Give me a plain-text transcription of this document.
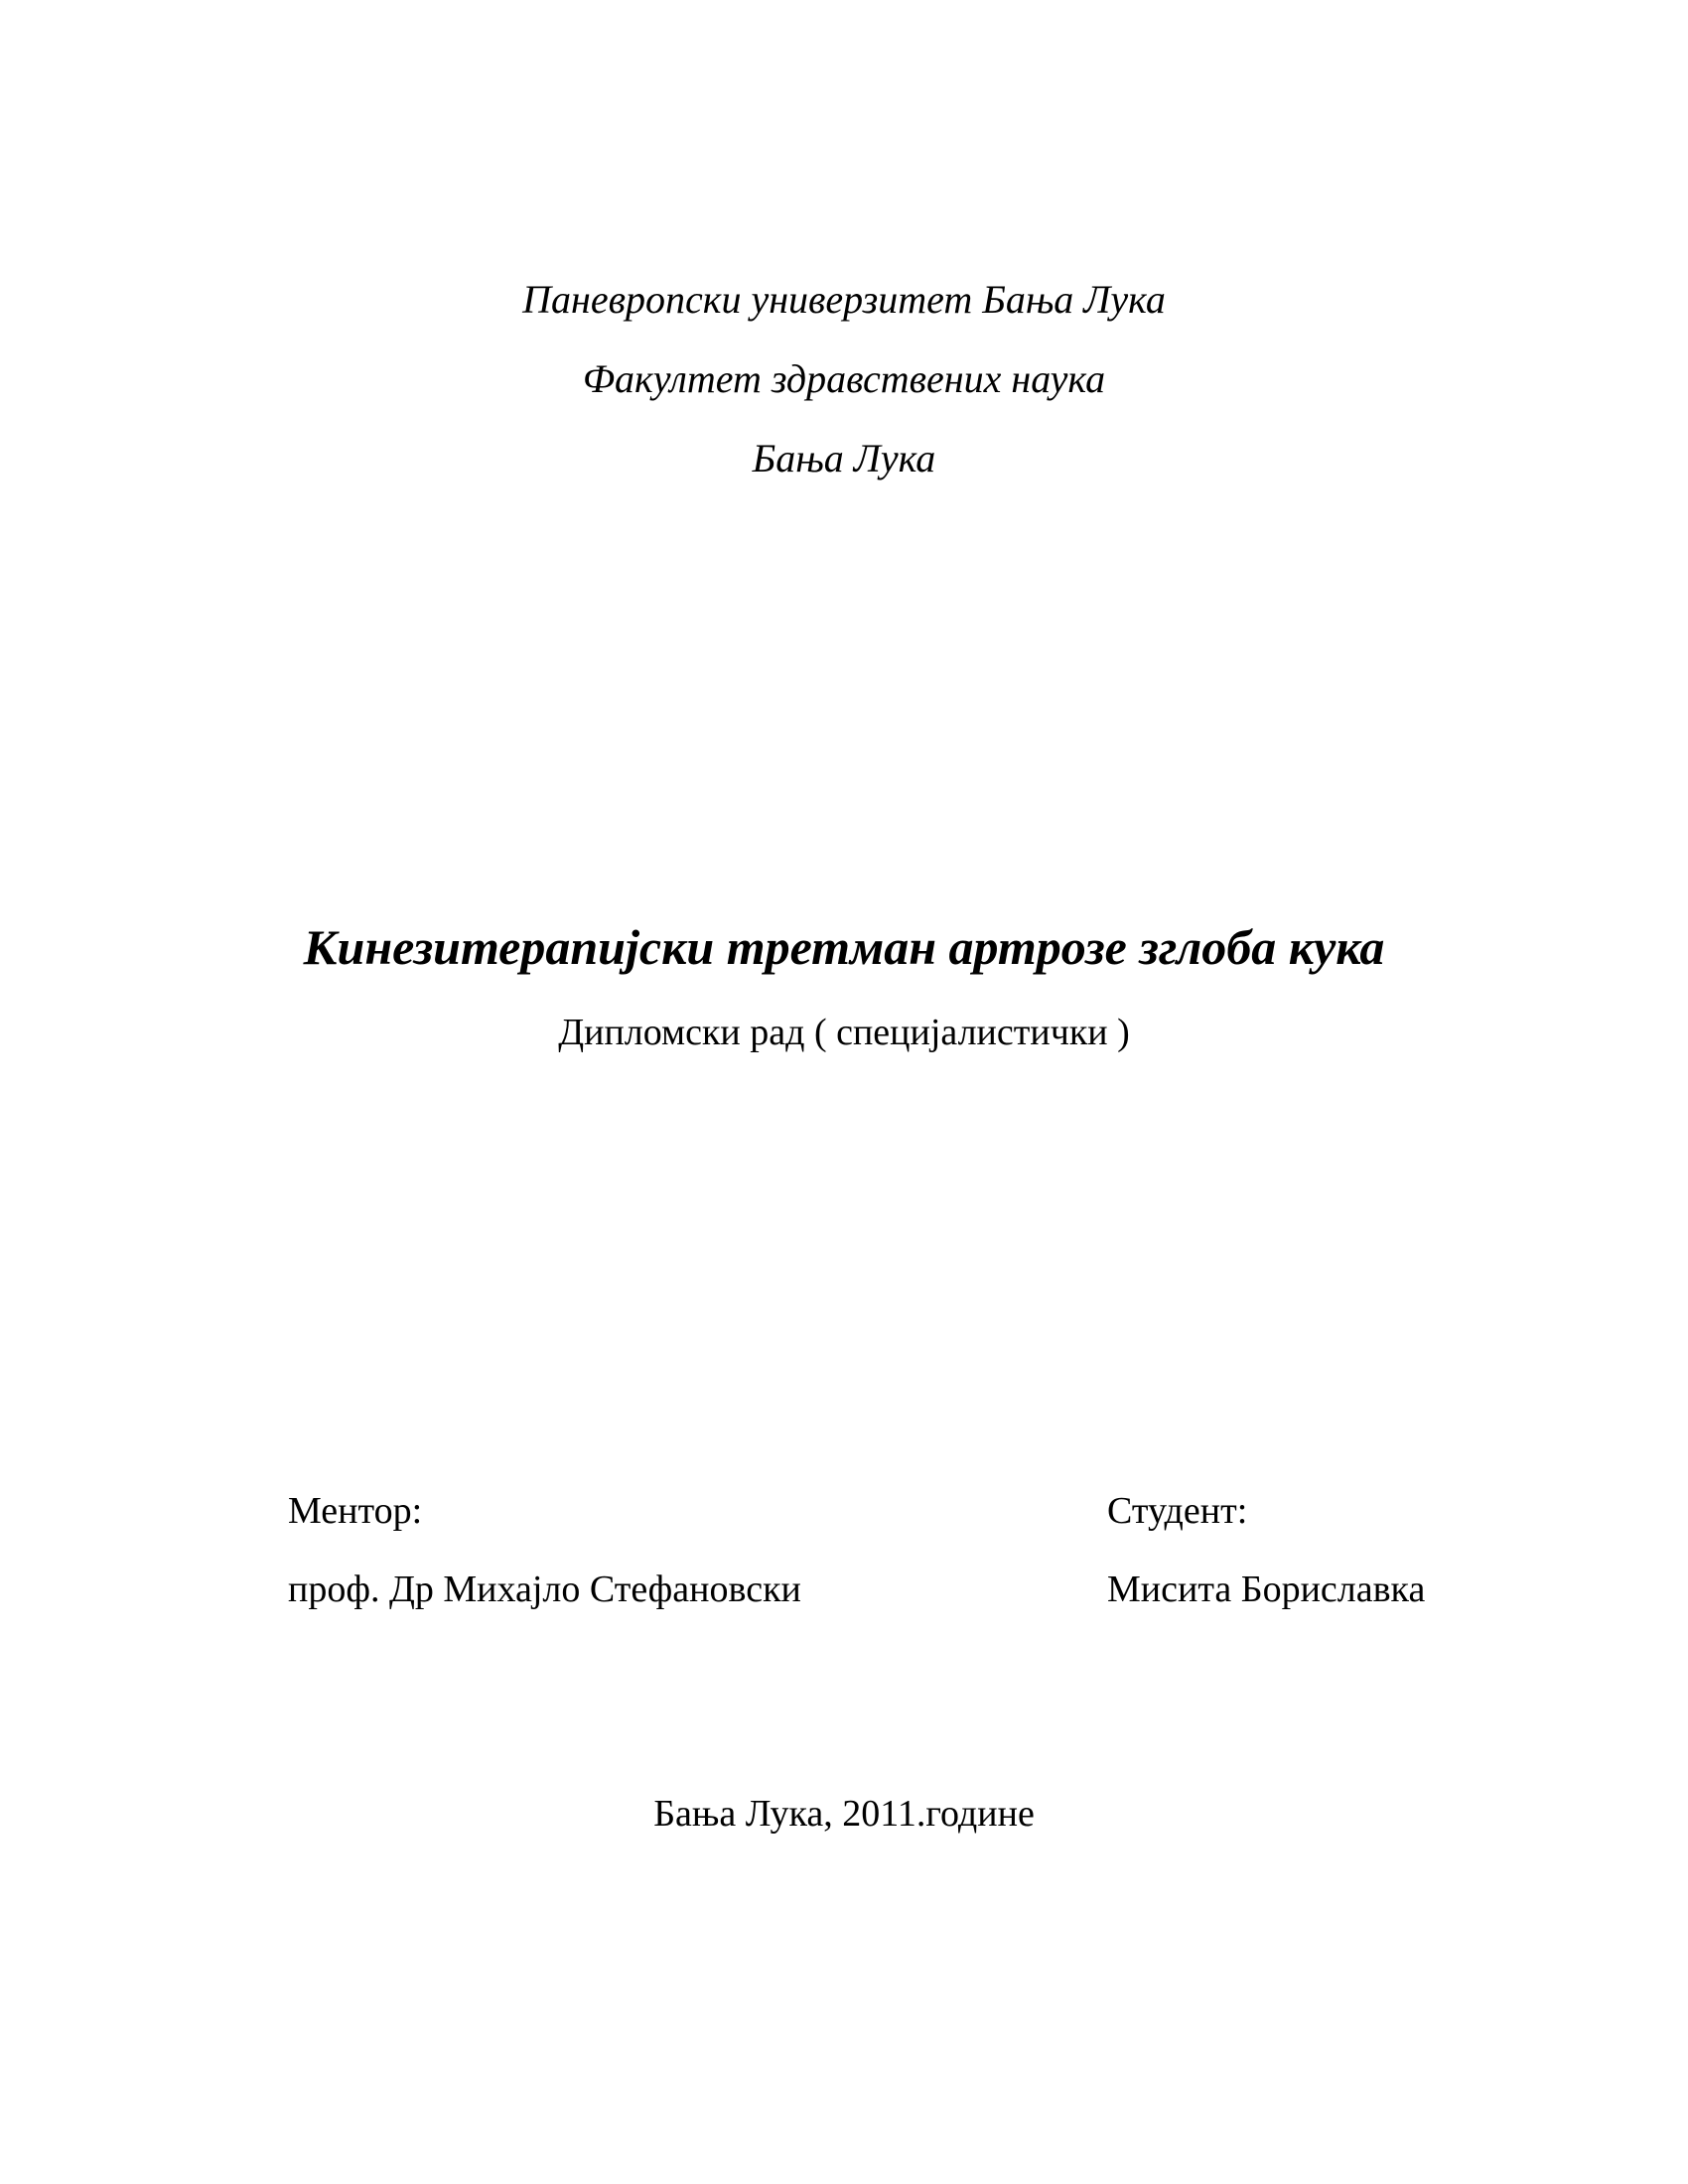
Паневропски универзитет Бања Лука
Факултет здравствених наука
Бања Лука
Кинезитерапијски третман артрозе зглоба кука
Дипломски рад ( специјалистички )
Ментор:
проф. Др Михајло Стефановски
Студент:
Мисита Бориславка
Бања Лука, 2011.године
